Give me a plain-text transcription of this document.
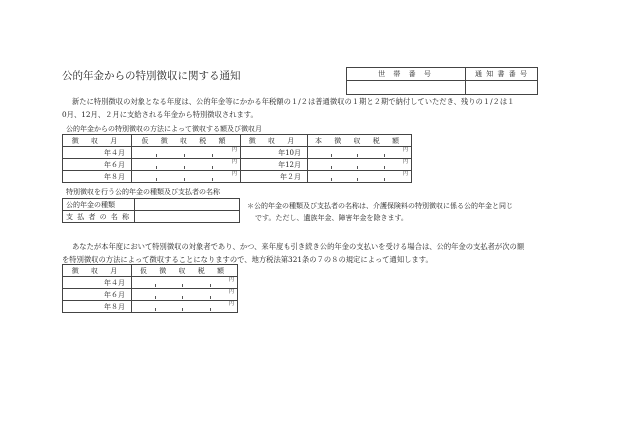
公的年金からの特別徴収に関する通知	世 帯 番 号	通 知 書 番 号

新たに特別徴収の対象となる年度は、公的年金等にかかる年税額の１/２は普通徴収の１期と２期で納付していただき、残りの１/２は１
0月、12月、２月に支給される年金から特別徴収されます。
公的年金からの特別徴収の方法によって徴収する額及び徴収月
徴 収 月	仮 徴 収 税 額	徴 収 月	本 徴 収 税 額
年４月	円	年10月	円

年６月	円	年12月	円

年８月	円	年２月	円
特別徴収を行う公的年金の種類及び支払者の名称
公的年金の種類	
支 払 者 の 名 称	
＊公的年金の種類及び支払者の名称は、介護保険料の特別徴収に係る公的年金と同じ
です。ただし、遺族年金、障害年金を除きます。
あなたが本年度において特別徴収の対象者であり、かつ、来年度も引き続き公的年金の支払いを受ける場合は、公的年金の支払者が次の額
を特別徴収の方法によって徴収することになりますので、地方税法第321条の７の８の規定によって通知します。
徴 収 月	仮 徴 収 税 額
年４月	円

年６月	円

年８月	円
